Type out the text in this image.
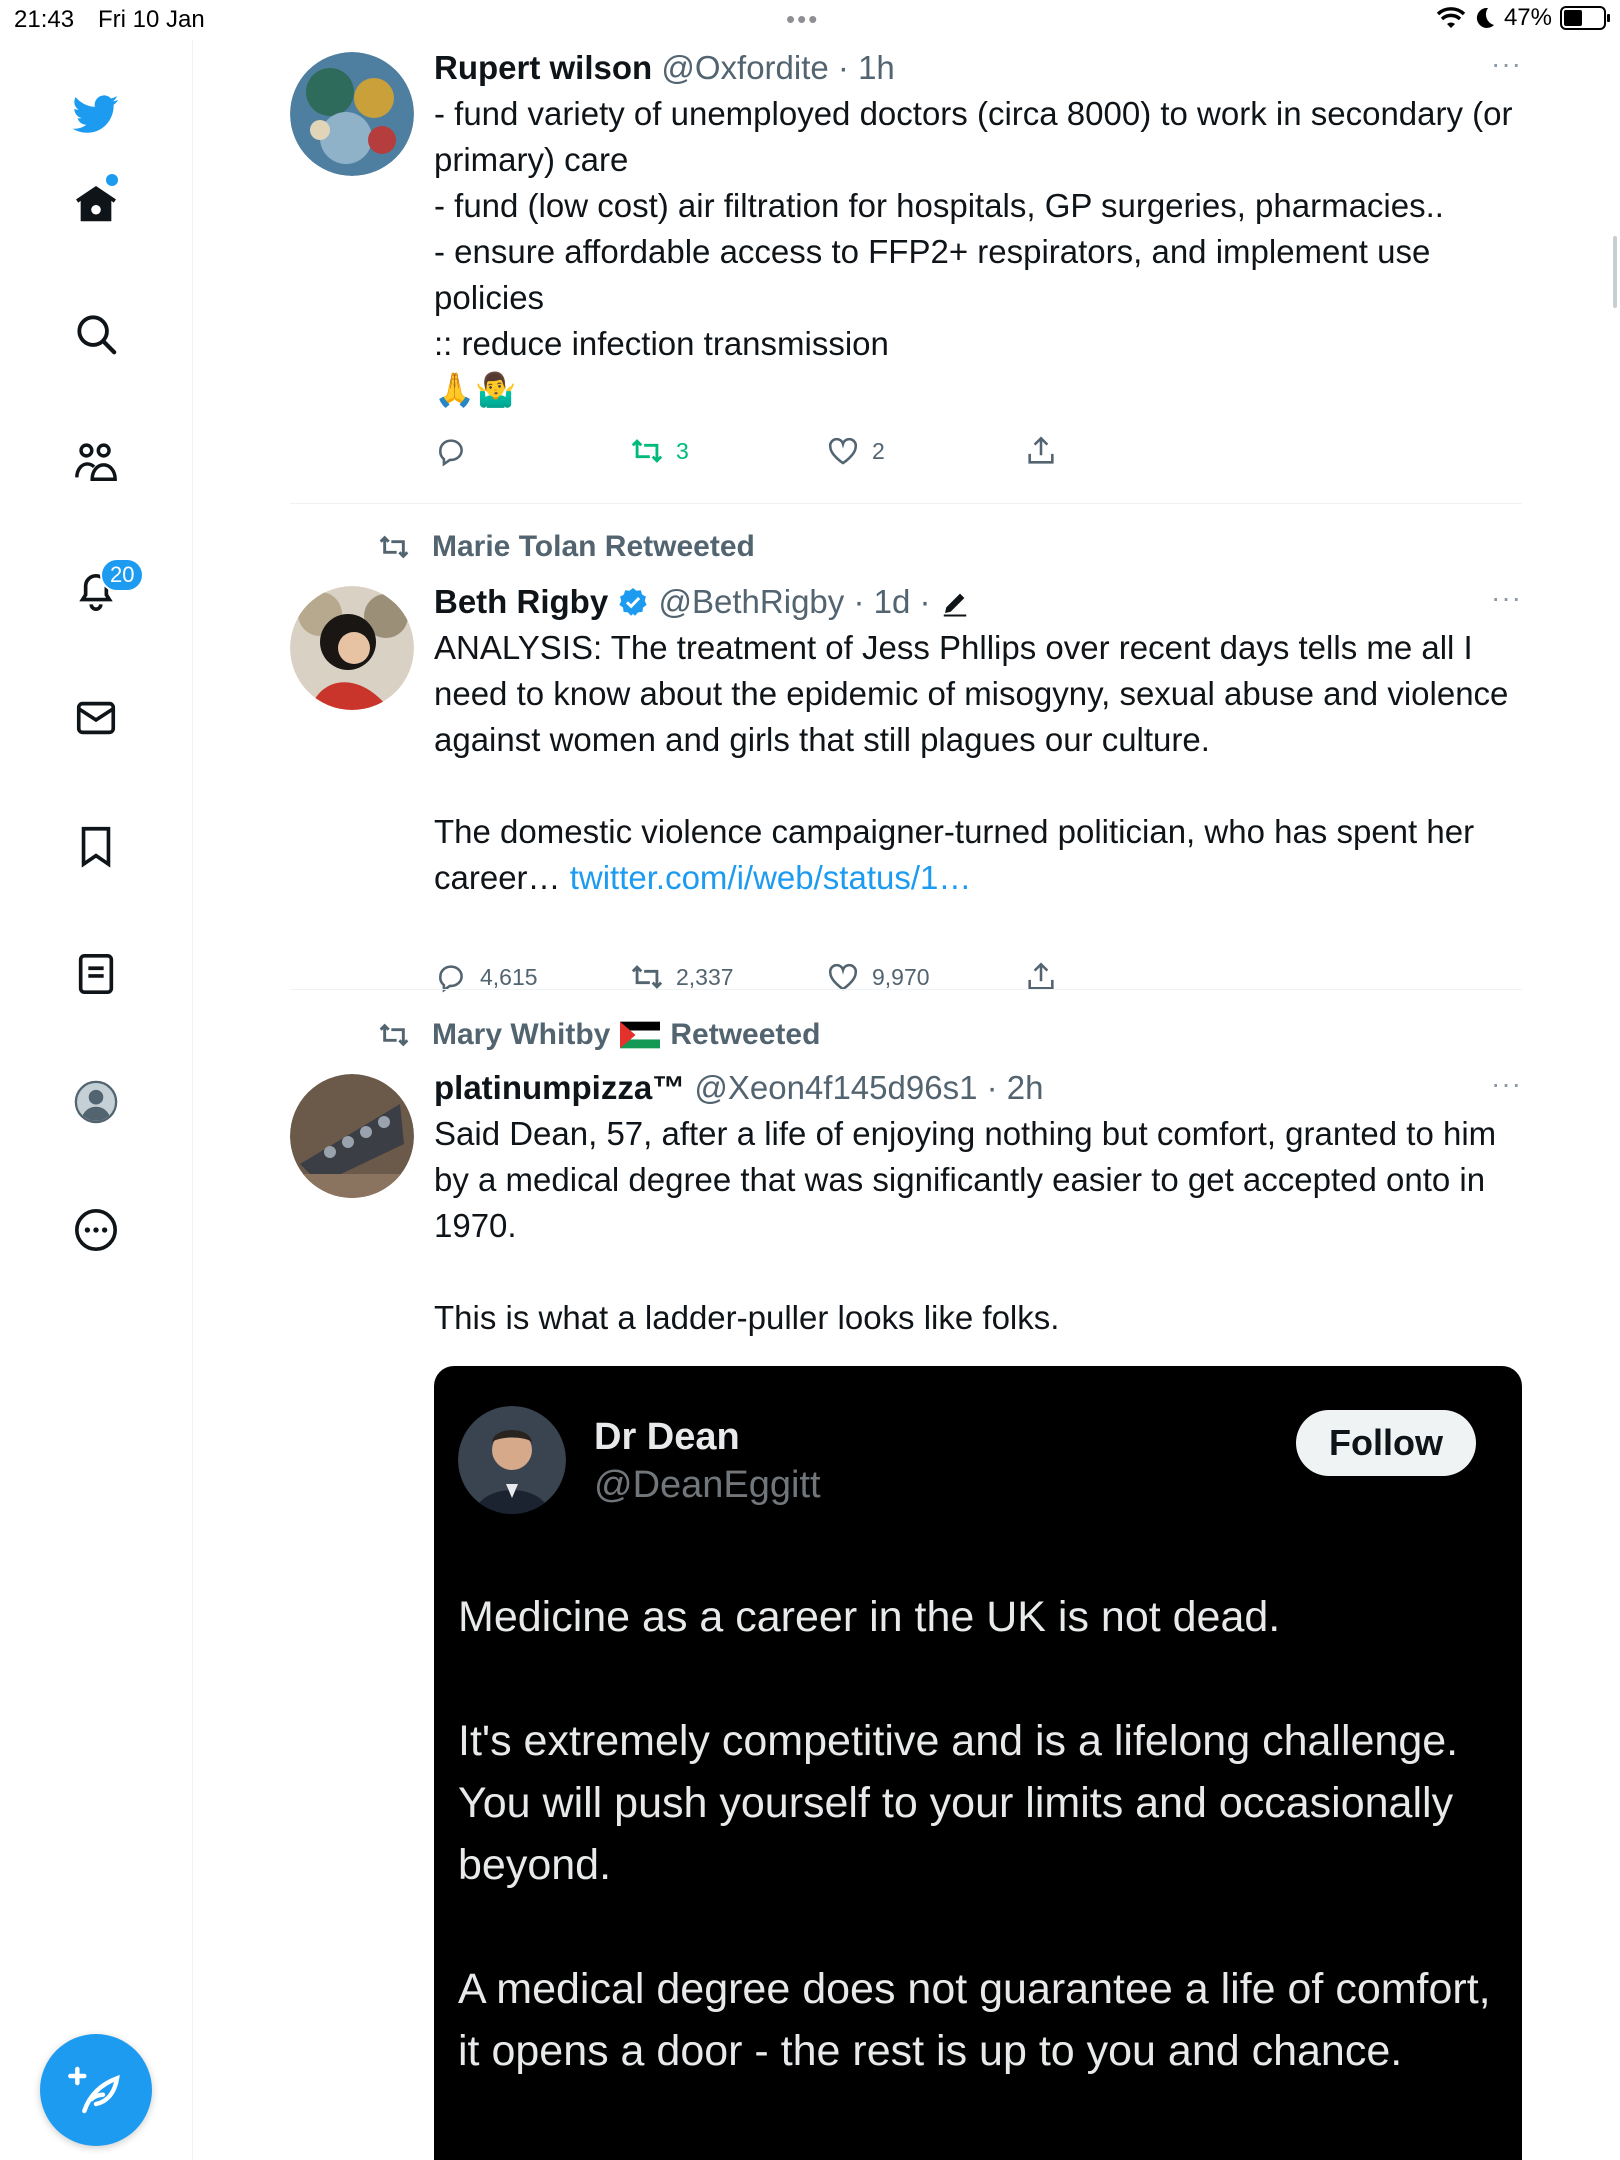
21:43 Fri 10 Jan	•••	47%
20
Rupert wilson @Oxfordite · 1h	···

- fund variety of unemployed doctors (circa 8000) to work in secondary (or primary) care

- fund (low cost) air filtration for hospitals, GP surgeries, pharmacies..

- ensure affordable access to FFP2+ respirators, and implement use policies

:: reduce infection transmission

🙏🤷‍♂️

3	2
Marie Tolan Retweeted
Beth Rigby @BethRigby · 1d ·	···

ANALYSIS: The treatment of Jess Phllips over recent days tells me all I need to know about the epidemic of misogyny, sexual abuse and violence against women and girls that still plagues our culture.

The domestic violence campaigner-turned politician, who has spent her career… twitter.com/i/web/status/1…

4,615	2,337	9,970
Mary Whitby Retweeted
platinumpizza™ @Xeon4f145d96s1 · 2h	···

Said Dean, 57, after a life of enjoying nothing but comfort, granted to him by a medical degree that was significantly easier to get accepted onto in 1970.

This is what a ladder-puller looks like folks.

Dr Dean
@DeanEggitt
Follow

Medicine as a career in the UK is not dead.

It's extremely competitive and is a lifelong challenge. You will push yourself to your limits and occasionally beyond.

A medical degree does not guarantee a life of comfort, it opens a door - the rest is up to you and chance.
